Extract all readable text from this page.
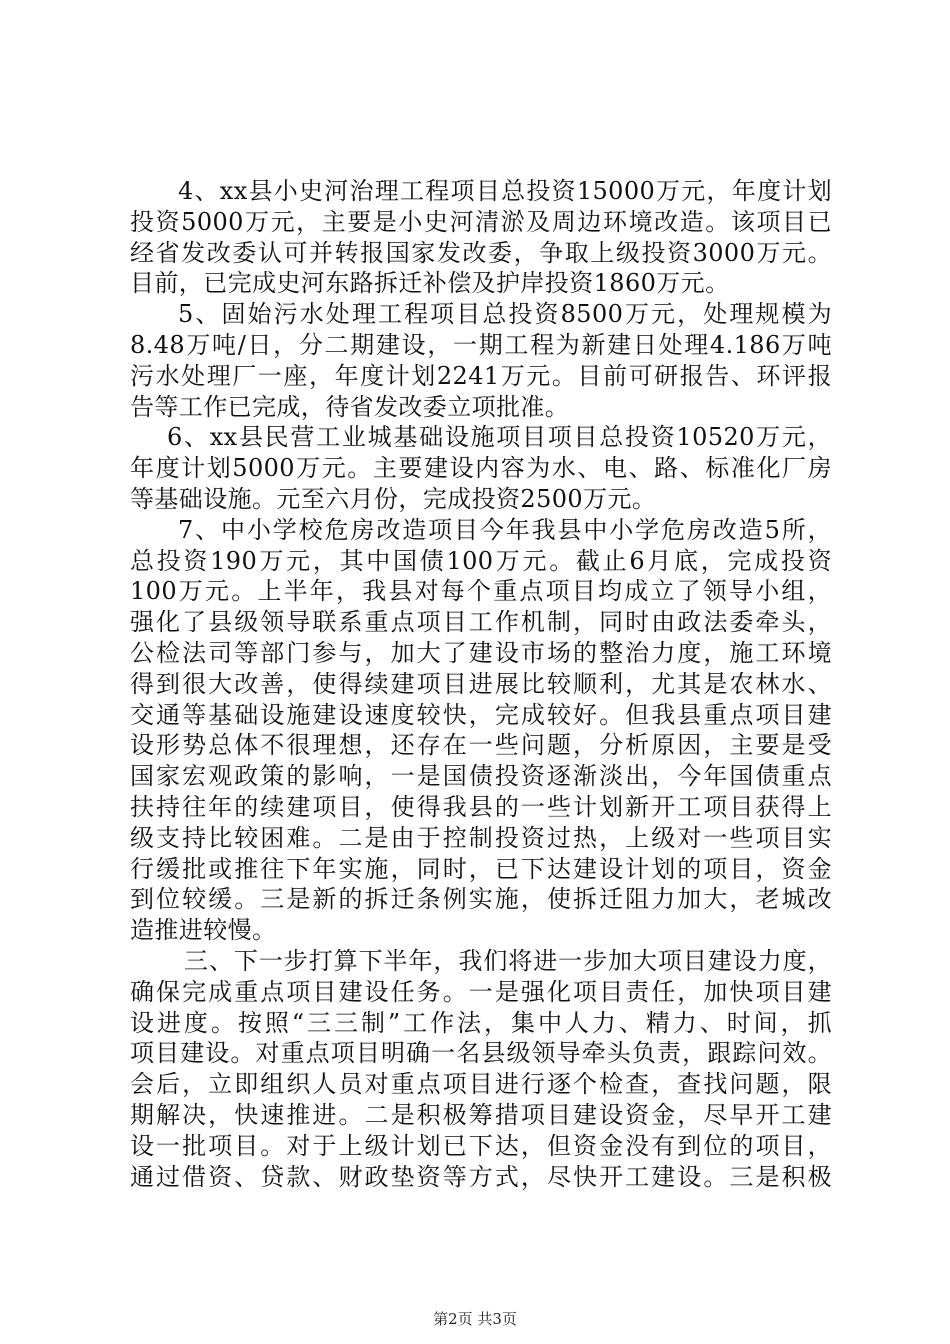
4、xx县小史河治理工程项目总投资15000万元，年度计划
投资5000万元，主要是小史河清淤及周边环境改造。该项目已
经省发改委认可并转报国家发改委，争取上级投资3000万元。
目前，已完成史河东路拆迁补偿及护岸投资1860万元。
5、固始污水处理工程项目总投资8500万元，处理规模为
8.48万吨/日，分二期建设，一期工程为新建日处理4.186万吨
污水处理厂一座，年度计划2241万元。目前可研报告、环评报
告等工作已完成，待省发改委立项批准。
6、xx县民营工业城基础设施项目项目总投资10520万元，
年度计划5000万元。主要建设内容为水、电、路、标准化厂房
等基础设施。元至六月份，完成投资2500万元。
7、中小学校危房改造项目今年我县中小学危房改造5所，
总投资190万元，其中国债100万元。截止6月底，完成投资
100万元。上半年，我县对每个重点项目均成立了领导小组，
强化了县级领导联系重点项目工作机制，同时由政法委牵头，
公检法司等部门参与，加大了建设市场的整治力度，施工环境
得到很大改善，使得续建项目进展比较顺利，尤其是农林水、
交通等基础设施建设速度较快，完成较好。但我县重点项目建
设形势总体不很理想，还存在一些问题，分析原因，主要是受
国家宏观政策的影响，一是国债投资逐渐淡出，今年国债重点
扶持往年的续建项目，使得我县的一些计划新开工项目获得上
级支持比较困难。二是由于控制投资过热，上级对一些项目实
行缓批或推往下年实施，同时，已下达建设计划的项目，资金
到位较缓。三是新的拆迁条例实施，使拆迁阻力加大，老城改
造推进较慢。
三、下一步打算下半年，我们将进一步加大项目建设力度，
确保完成重点项目建设任务。一是强化项目责任，加快项目建
设进度。按照“三三制”工作法，集中人力、精力、时间，抓
项目建设。对重点项目明确一名县级领导牵头负责，跟踪问效。
会后，立即组织人员对重点项目进行逐个检查，查找问题，限
期解决，快速推进。二是积极筹措项目建设资金，尽早开工建
设一批项目。对于上级计划已下达，但资金没有到位的项目，
通过借资、贷款、财政垫资等方式，尽快开工建设。三是积极
第2页 共3页
